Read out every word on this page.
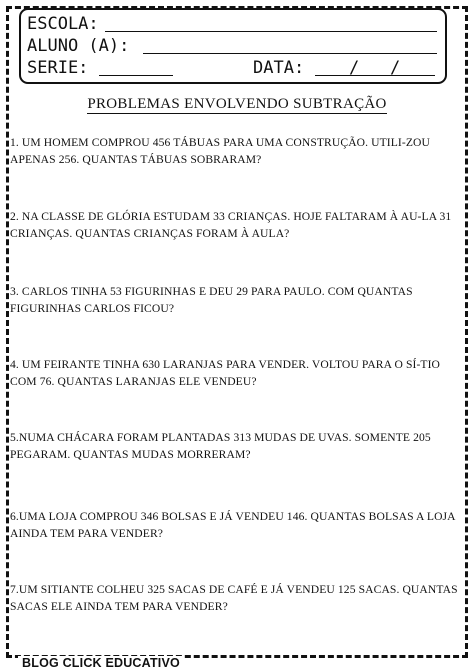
ESCOLA:
ALUNO (A):
SERIE:	DATA:	/   /
PROBLEMAS ENVOLVENDO SUBTRAÇÃO
1. UM HOMEM COMPROU 456 TÁBUAS PARA UMA CONSTRUÇÃO. UTILI-ZOU APENAS 256. QUANTAS TÁBUAS SOBRARAM?
2. NA CLASSE DE GLÓRIA ESTUDAM 33 CRIANÇAS. HOJE FALTARAM À AU-LA 31 CRIANÇAS. QUANTAS CRIANÇAS FORAM À AULA?
3. CARLOS TINHA 53 FIGURINHAS E DEU 29 PARA PAULO. COM QUANTAS FIGURINHAS CARLOS FICOU?
4. UM FEIRANTE TINHA 630 LARANJAS PARA VENDER. VOLTOU PARA O SÍ-TIO COM 76. QUANTAS LARANJAS ELE VENDEU?
5.NUMA CHÁCARA FORAM PLANTADAS 313 MUDAS DE UVAS. SOMENTE 205 PEGARAM. QUANTAS MUDAS MORRERAM?
6.UMA LOJA COMPROU 346 BOLSAS E JÁ VENDEU 146. QUANTAS BOLSAS A LOJA AINDA TEM PARA VENDER?
7.UM SITIANTE COLHEU 325 SACAS DE CAFÉ E JÁ VENDEU 125 SACAS. QUANTAS SACAS ELE AINDA TEM PARA VENDER?
BLOG CLICK EDUCATIVO
